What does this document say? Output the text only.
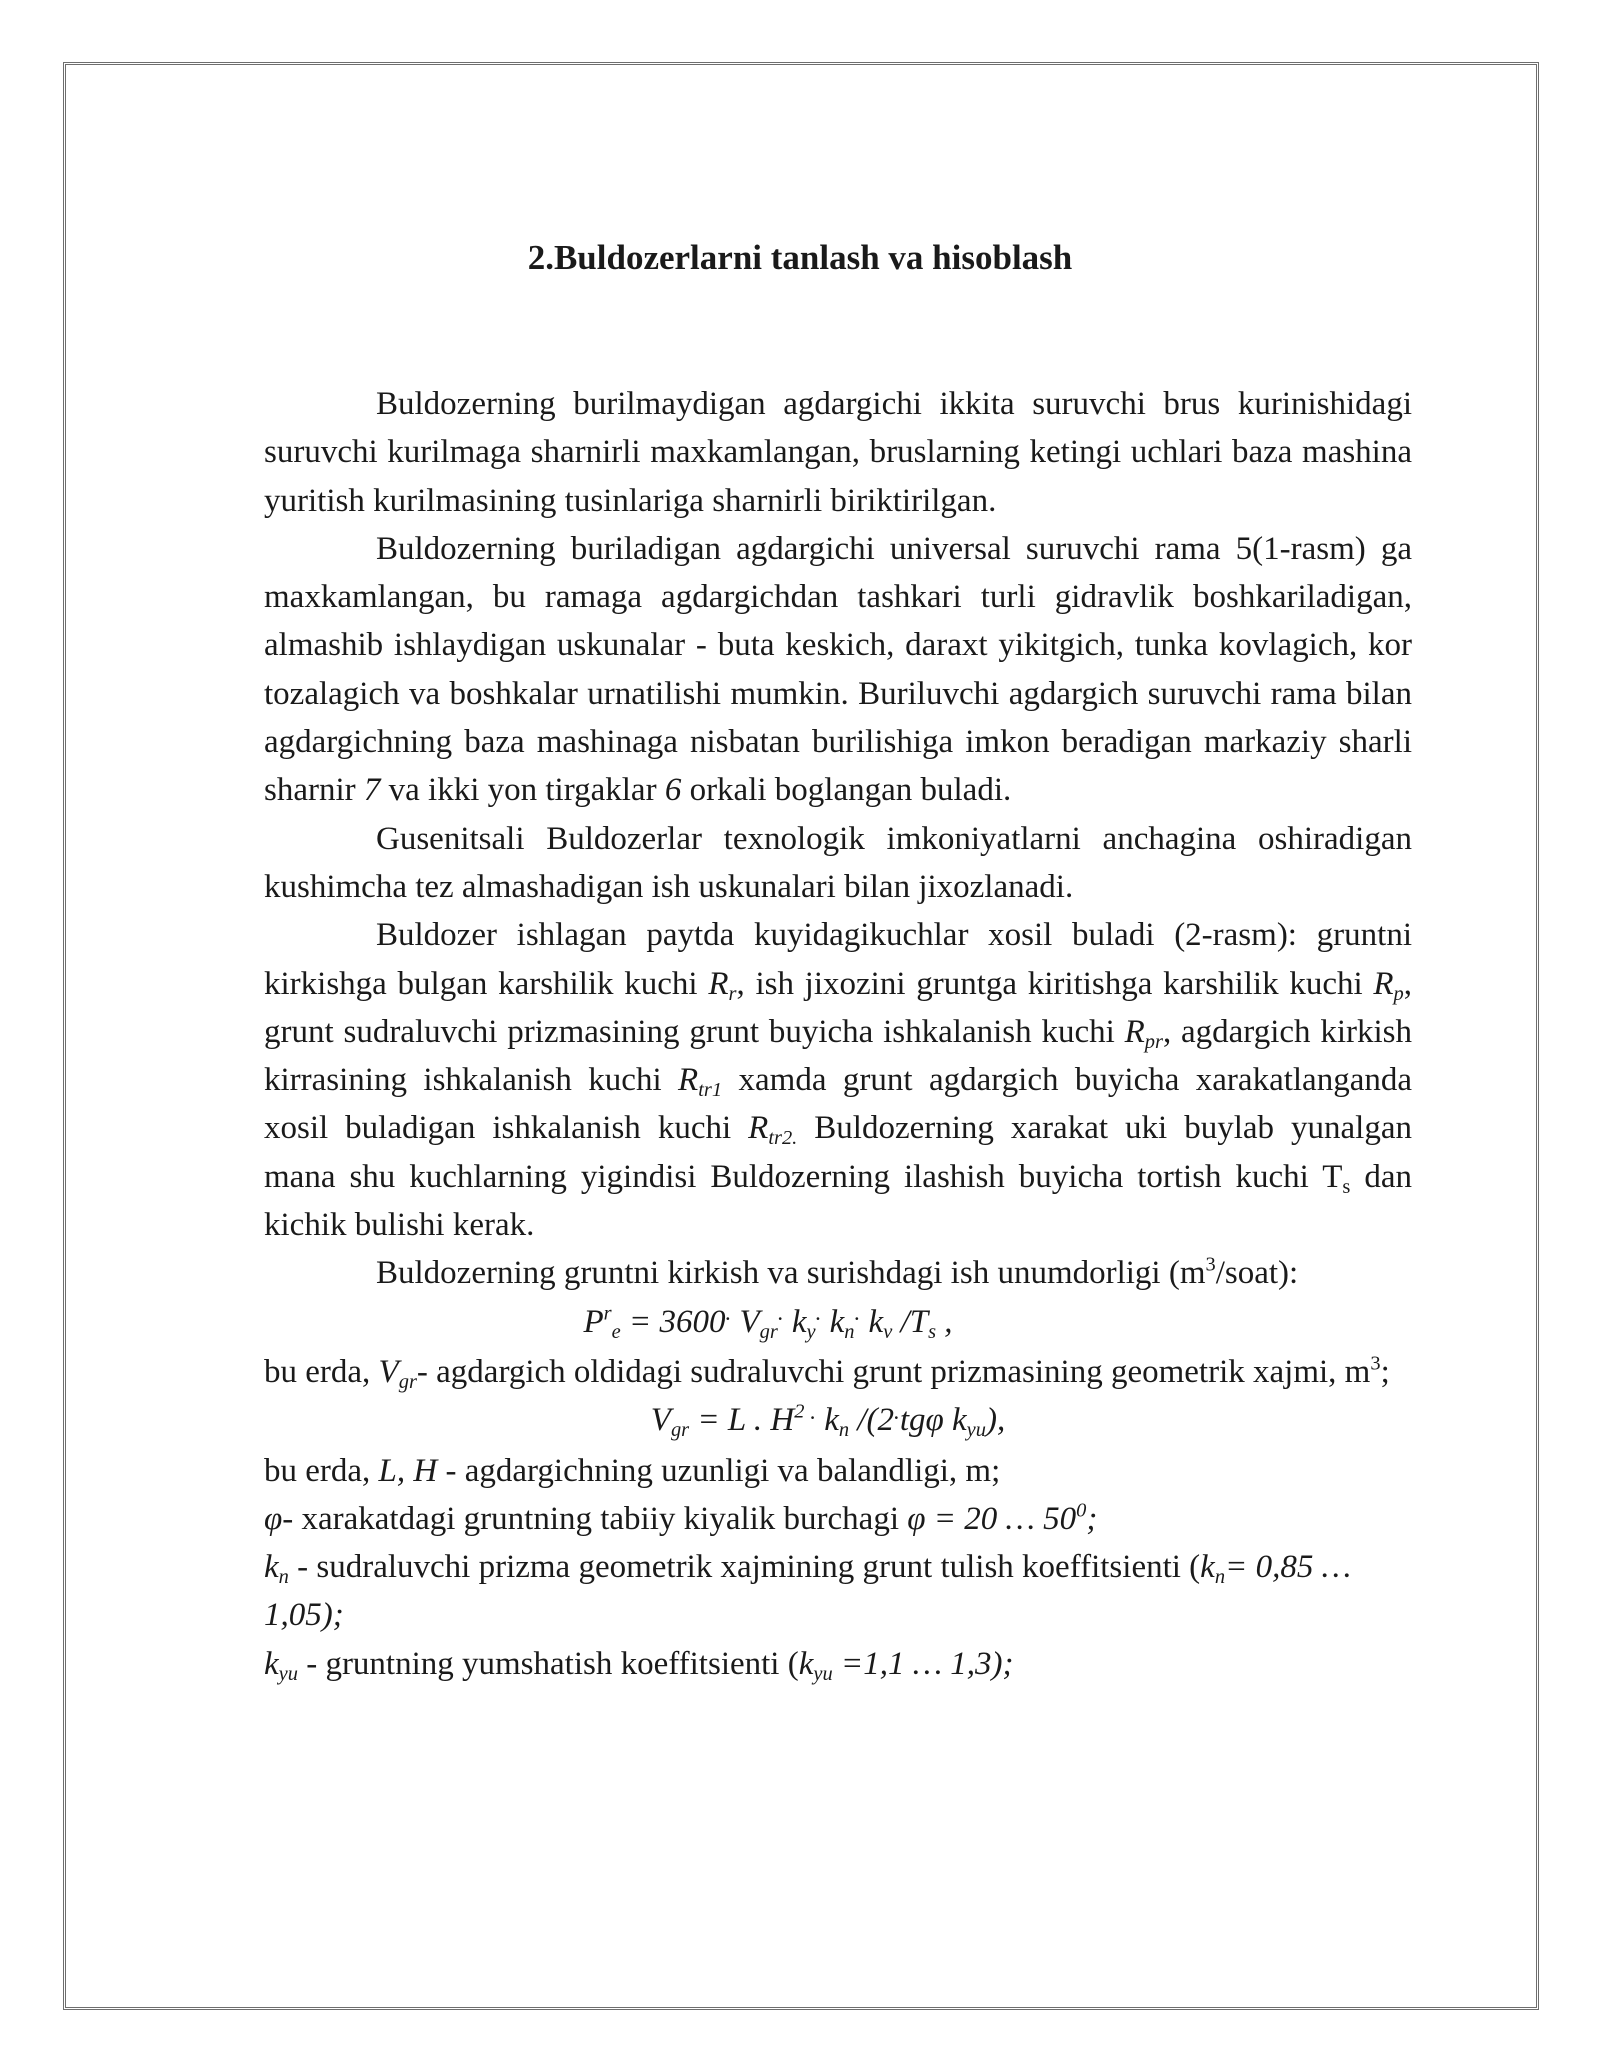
2.Buldozerlarni tanlash va hisoblash

Buldozerning burilmaydigan agdargichi ikkita suruvchi brus kurinishidagi suruvchi kurilmaga sharnirli maxkamlangan, bruslarning ketingi uchlari baza mashina yuritish kurilmasining tusinlariga sharnirli biriktirilgan.

Buldozerning buriladigan agdargichi universal suruvchi rama 5(1-rasm) ga maxkamlangan, bu ramaga agdargichdan tashkari turli gidravlik boshkariladigan, almashib ishlaydigan uskunalar - buta keskich, daraxt yikitgich, tunka kovlagich, kor tozalagich va boshkalar urnatilishi mumkin. Buriluvchi agdargich suruvchi rama bilan agdargichning baza mashinaga nisbatan burilishiga imkon beradigan markaziy sharli sharnir 7 va ikki yon tirgaklar 6 orkali boglangan buladi.

Gusenitsali Buldozerlar texnologik imkoniyatlarni anchagina oshiradigan kushimcha tez almashadigan ish uskunalari bilan jixozlanadi.

Buldozer ishlagan paytda kuyidagikuchlar xosil buladi (2-rasm): gruntni kirkishga bulgan karshilik kuchi $R_r$, ish jixozini gruntga kiritishga karshilik kuchi $R_p$, grunt sudraluvchi prizmasining grunt buyicha ishkalanish kuchi $R_{pr}$, agdargich kirkish kirrasining ishkalanish kuchi $R_{tr1}$ xamda grunt agdargich buyicha xarakatlanganda xosil buladigan ishkalanish kuchi $R_{tr2.}$ Buldozerning xarakat uki buylab yunalgan mana shu kuchlarning yigindisi Buldozerning ilashish buyicha tortish kuchi $T_s$ dan kichik bulishi kerak.

Buldozerning gruntni kirkish va surishdagi ish unumdorligi $(m^3/soat)$:

$P^r_e = 3600^.$ $V_{gr}^.$ $k_y^.$ $k_n^.$ $k_v$ $/T_s$ ,

bu erda, $V_{gr}-$ agdargich oldidagi sudraluvchi grunt prizmasining geometrik xajmi, $m^3$;

$V_{gr} = L$ . $H^2$ . $k_n$ /(2.tgφ $k_{yu}$),

bu erda, L, H - agdargichning uzunligi va balandligi, m;

φ- xarakatdagi gruntning tabiiy kiyalik burchagi φ = 20 … $50^0$;

$k_n$ - sudraluvchi prizma geometrik xajmining grunt tulish koeffitsienti ($k_n= 0,85$ … 1,05);

$k_{yu}$ - gruntning yumshatish koeffitsienti ($k_{yu} =1,1$ … 1,3);
